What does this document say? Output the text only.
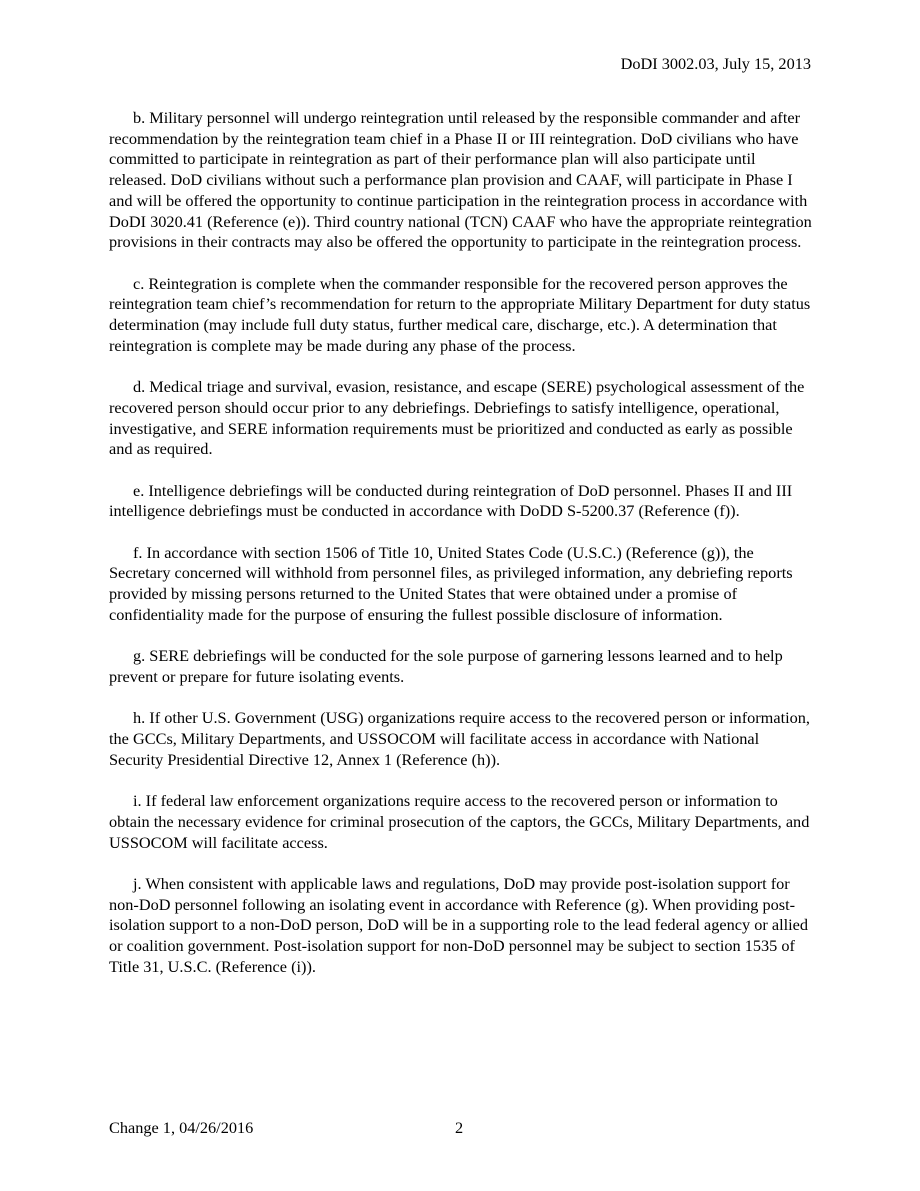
DoDI 3002.03, July 15, 2013

b. Military personnel will undergo reintegration until released by the responsible commander and after recommendation by the reintegration team chief in a Phase II or III reintegration. DoD civilians who have committed to participate in reintegration as part of their performance plan will also participate until released. DoD civilians without such a performance plan provision and CAAF, will participate in Phase I and will be offered the opportunity to continue participation in the reintegration process in accordance with DoDI 3020.41 (Reference (e)). Third country national (TCN) CAAF who have the appropriate reintegration provisions in their contracts may also be offered the opportunity to participate in the reintegration process.

c. Reintegration is complete when the commander responsible for the recovered person approves the reintegration team chief’s recommendation for return to the appropriate Military Department for duty status determination (may include full duty status, further medical care, discharge, etc.). A determination that reintegration is complete may be made during any phase of the process.

d. Medical triage and survival, evasion, resistance, and escape (SERE) psychological assessment of the recovered person should occur prior to any debriefings. Debriefings to satisfy intelligence, operational, investigative, and SERE information requirements must be prioritized and conducted as early as possible and as required.

e. Intelligence debriefings will be conducted during reintegration of DoD personnel. Phases II and III intelligence debriefings must be conducted in accordance with DoDD S-5200.37 (Reference (f)).

f. In accordance with section 1506 of Title 10, United States Code (U.S.C.) (Reference (g)), the Secretary concerned will withhold from personnel files, as privileged information, any debriefing reports provided by missing persons returned to the United States that were obtained under a promise of confidentiality made for the purpose of ensuring the fullest possible disclosure of information.

g. SERE debriefings will be conducted for the sole purpose of garnering lessons learned and to help prevent or prepare for future isolating events.

h. If other U.S. Government (USG) organizations require access to the recovered person or information, the GCCs, Military Departments, and USSOCOM will facilitate access in accordance with National Security Presidential Directive 12, Annex 1 (Reference (h)).

i. If federal law enforcement organizations require access to the recovered person or information to obtain the necessary evidence for criminal prosecution of the captors, the GCCs, Military Departments, and USSOCOM will facilitate access.

j. When consistent with applicable laws and regulations, DoD may provide post-isolation support for non-DoD personnel following an isolating event in accordance with Reference (g). When providing post-isolation support to a non-DoD person, DoD will be in a supporting role to the lead federal agency or allied or coalition government. Post-isolation support for non-DoD personnel may be subject to section 1535 of Title 31, U.S.C. (Reference (i)).

Change 1, 04/26/2016	2
